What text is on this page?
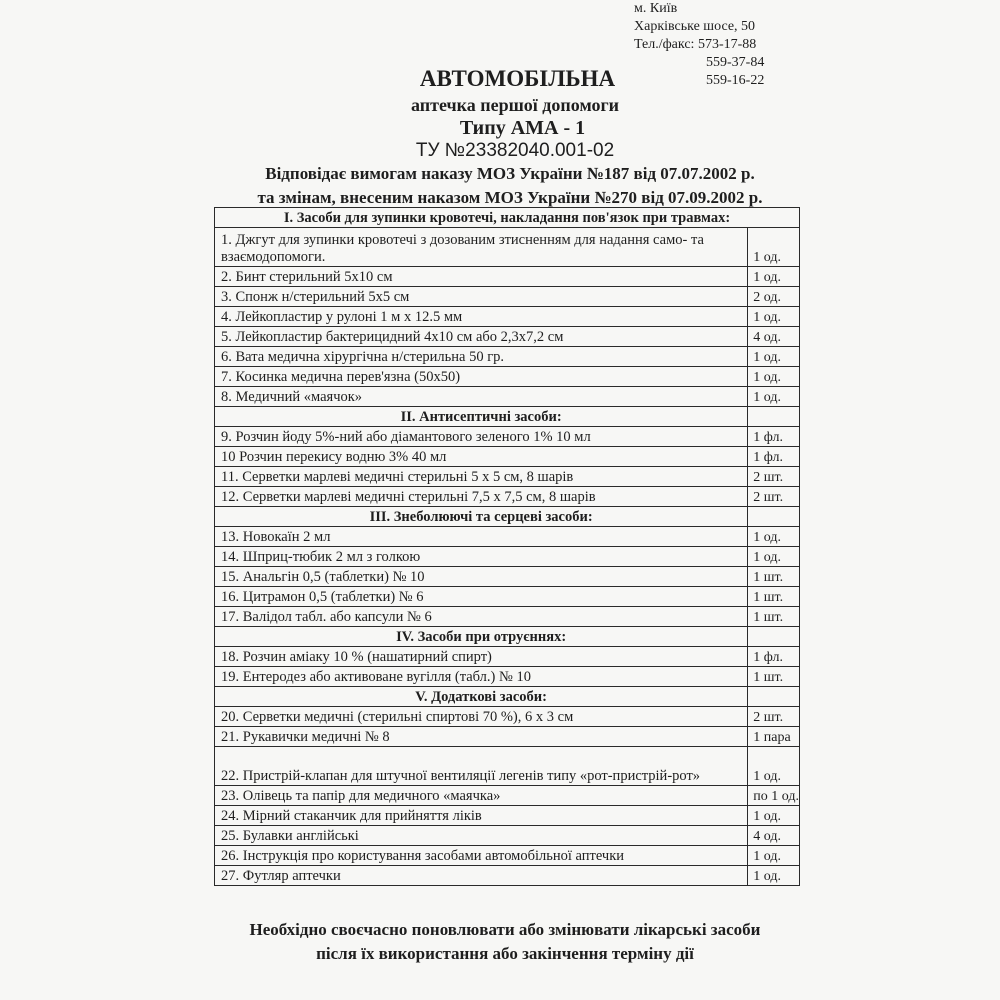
м. Київ
Харківське шосе, 50
Тел./факс: 573-17-88
559-37-84
559-16-22
АВТОМОБІЛЬНА
аптечка першої допомоги
Типу АМА - 1
ТУ №23382040.001-02
Відповідає вимогам наказу МОЗ України №187 від 07.07.2002 р.
та змінам, внесеним наказом МОЗ України №270 від 07.09.2002 р.
І. Засоби для зупинки кровотечі, накладання пов'язок при травмах:	
1. Джгут для зупинки кровотечі з дозованим зтисненням для надання само- та взаємодопомоги.	1 од.
2. Бинт стерильний 5х10 см	1 од.
3. Спонж н/стерильний 5х5 см	2 од.
4. Лейкопластир у рулоні 1 м х 12.5 мм	1 од.
5. Лейкопластир бактерицидний 4х10 см або 2,3х7,2 см	4 од.
6. Вата медична хірургічна н/стерильна 50 гр.	1 од.
7. Косинка медична перев'язна (50х50)	1 од.
8. Медичний «маячок»	1 од.
ІІ. Антисептичні засоби:	
9. Розчин йоду 5%-ний або діамантового зеленого 1% 10 мл	1 фл.
10 Розчин перекису водню 3% 40 мл	1 фл.
11. Серветки марлеві медичні стерильні 5 х 5 см, 8 шарів	2 шт.
12. Серветки марлеві медичні стерильні 7,5 х 7,5 см, 8 шарів	2 шт.
ІІІ. Знеболюючі та серцеві засоби:	
13. Новокаїн 2 мл	1 од.
14. Шприц-тюбик 2 мл з голкою	1 од.
15. Анальгін 0,5 (таблетки) № 10	1 шт.
16. Цитрамон 0,5 (таблетки) № 6	1 шт.
17. Валідол табл. або капсули № 6	1 шт.
IV. Засоби при отруєннях:	
18. Розчин аміаку 10 % (нашатирний спирт)	1 фл.
19. Ентеродез або активоване вугілля (табл.) № 10	1 шт.
V. Додаткові засоби:	
20. Серветки медичні (стерильні спиртові 70 %), 6 х 3 см	2 шт.
21. Рукавички медичні № 8	1 пара
22. Пристрій-клапан для штучної вентиляції легенів типу «рот-пристрій-рот»	1 од.
23. Олівець та папір для медичного «маячка»	по 1 од.
24. Мірний стаканчик для прийняття ліків	1 од.
25. Булавки англійські	4 од.
26. Інструкція про користування засобами автомобільної аптечки	1 од.
27. Футляр аптечки	1 од.
Необхідно своєчасно поновлювати або змінювати лікарські засоби
після їх використання або закінчення терміну дії
